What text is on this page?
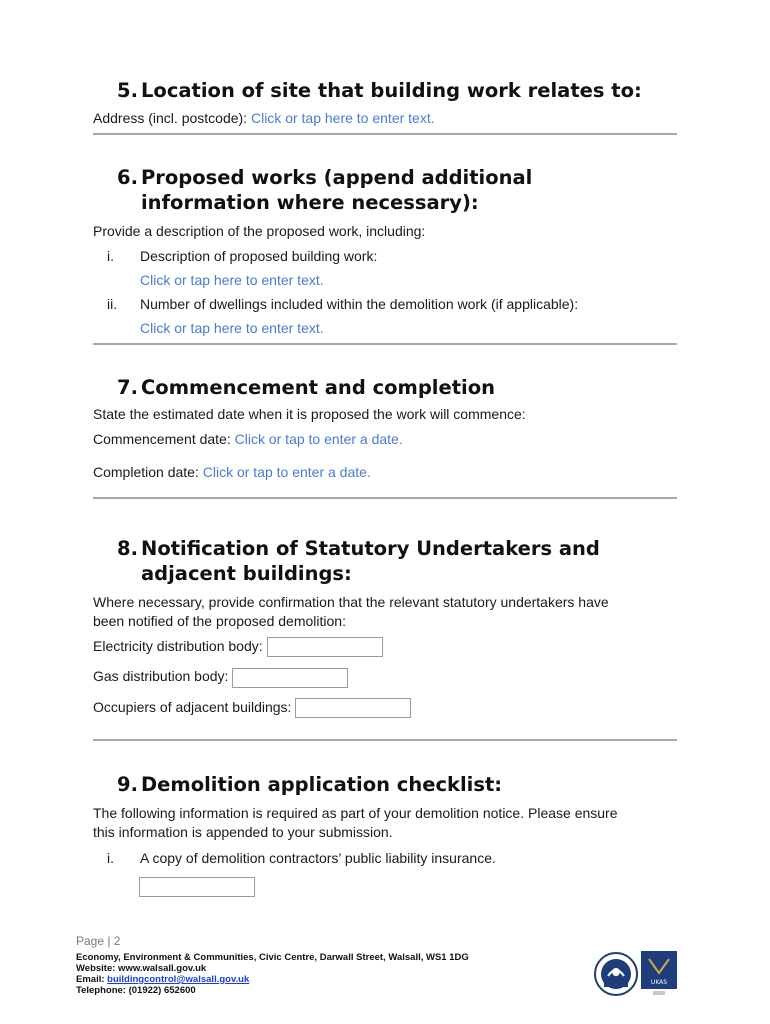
5. Location of site that building work relates to:
Address (incl. postcode): Click or tap here to enter text.
6. Proposed works (append additional
information where necessary):
Provide a description of the proposed work, including:
i.	Description of proposed building work:
Click or tap here to enter text.
ii.	Number of dwellings included within the demolition work (if applicable):
Click or tap here to enter text.
7. Commencement and completion
State the estimated date when it is proposed the work will commence:
Commencement date: Click or tap to enter a date.
Completion date: Click or tap to enter a date.
8. Notification of Statutory Undertakers and
adjacent buildings:
Where necessary, provide confirmation that the relevant statutory undertakers have
been notified of the proposed demolition:
Electricity distribution body:
Gas distribution body:
Occupiers of adjacent buildings:
9. Demolition application checklist:
The following information is required as part of your demolition notice. Please ensure
this information is appended to your submission.
i.	A copy of demolition contractors’ public liability insurance.
Page | 2
Economy, Environment & Communities, Civic Centre, Darwall Street, Walsall, WS1 1DG
Website: www.walsall.gov.uk
Email: buildingcontrol@walsall.gov.uk
Telephone: (01922) 652600
UKAS
